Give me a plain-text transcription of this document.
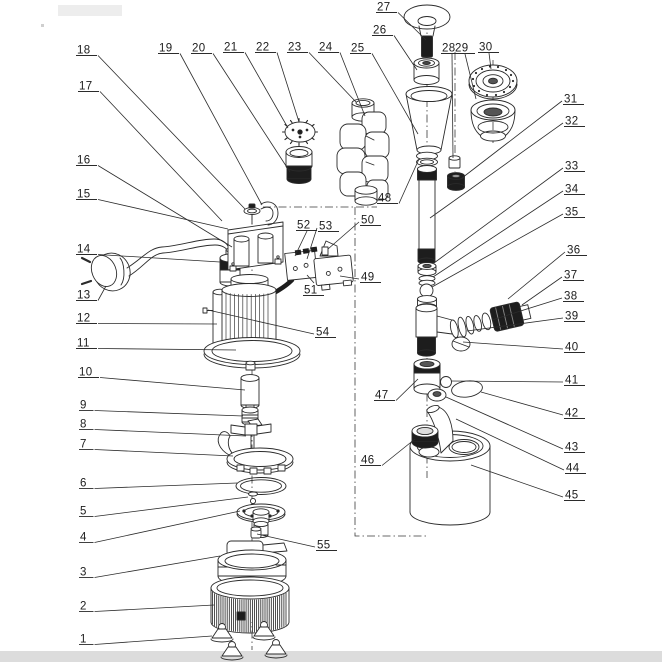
1
2
3
4
5
6
7
8
9
10
11
12
13
14
15
16
17
18	19 20 21 22 23 24 25
26
27
28 29 30
31
32
33
34
35
36
37
38
39
40
41
42
43
44
45
46
47
48
49
50
51
52 53
54
55
